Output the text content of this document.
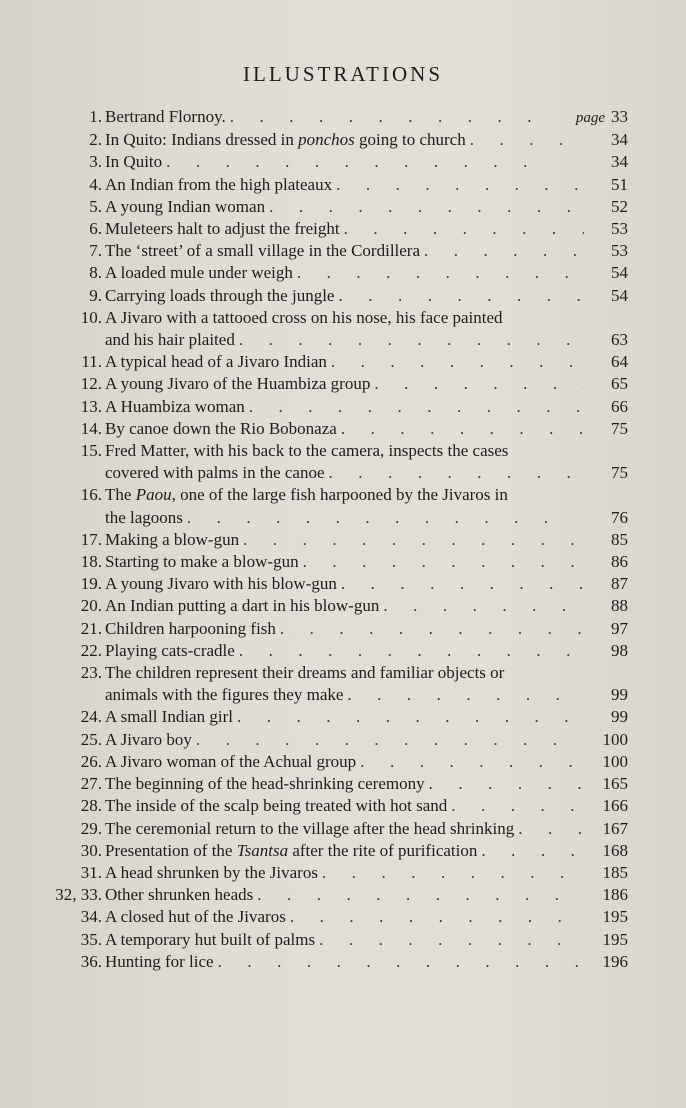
ILLUSTRATIONS
1. Bertrand Flornoy. .	page 33
2. In Quito: Indians dressed in ponchos going to church .	34
3. In Quito .	34
4. An Indian from the high plateaux .	51
5. A young Indian woman .	52
6. Muleteers halt to adjust the freight .	53
7. The ‘street’ of a small village in the Cordillera .	53
8. A loaded mule under weigh .	54
9. Carrying loads through the jungle .	54
10. A Jivaro with a tattooed cross on his nose, his face painted
and his hair plaited .	63
11. A typical head of a Jivaro Indian .	64
12. A young Jivaro of the Huambiza group .	65
13. A Huambiza woman .	66
14. By canoe down the Rio Bobonaza .	75
15. Fred Matter, with his back to the camera, inspects the cases
covered with palms in the canoe .	75
16. The Paou, one of the large fish harpooned by the Jivaros in
the lagoons .	76
17. Making a blow-gun .	85
18. Starting to make a blow-gun .	86
19. A young Jivaro with his blow-gun .	87
20. An Indian putting a dart in his blow-gun .	88
21. Children harpooning fish .	97
22. Playing cats-cradle .	98
23. The children represent their dreams and familiar objects or
animals with the figures they make .	99
24. A small Indian girl .	99
25. A Jivaro boy .	100
26. A Jivaro woman of the Achual group .	100
27. The beginning of the head-shrinking ceremony .	165
28. The inside of the scalp being treated with hot sand .	166
29. The ceremonial return to the village after the head shrinking .	167
30. Presentation of the Tsantsa after the rite of purification .	168
31. A head shrunken by the Jivaros .	185
32, 33. Other shrunken heads .	186
34. A closed hut of the Jivaros .	195
35. A temporary hut built of palms .	195
36. Hunting for lice .	196
